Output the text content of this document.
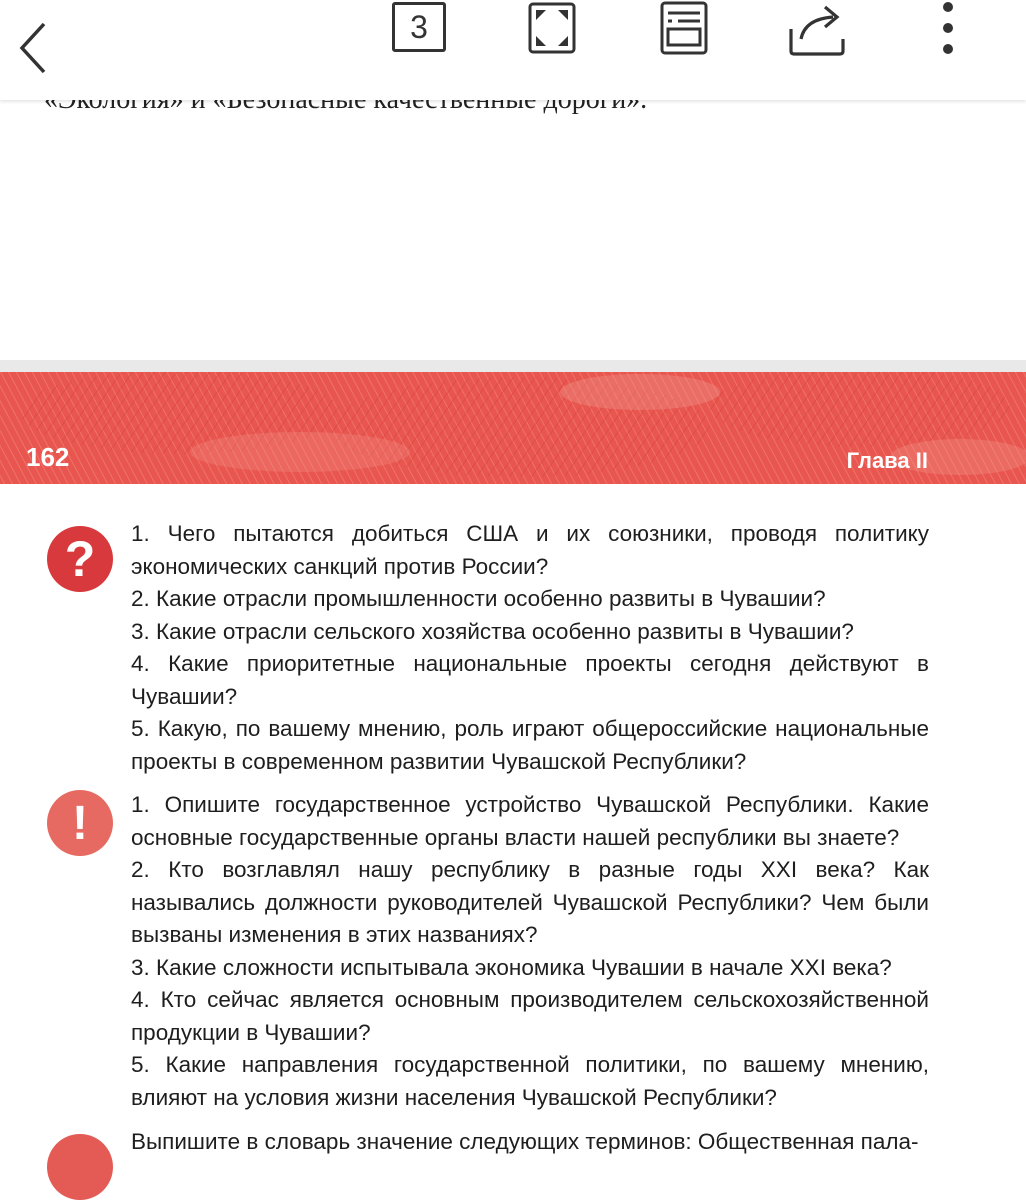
3
162	Глава II
? 1. Чего пытаются добиться США и их союзники, проводя политику экономических санкций против России?
2. Какие отрасли промышленности особенно развиты в Чувашии?
3. Какие отрасли сельского хозяйства особенно развиты в Чувашии?
4. Какие приоритетные национальные проекты сегодня действуют в Чувашии?
5. Какую, по вашему мнению, роль играют общероссийские национальные проекты в современном развитии Чувашской Республики?
! 1. Опишите государственное устройство Чувашской Республики. Какие основные государственные органы власти нашей республики вы знаете?
2. Кто возглавлял нашу республику в разные годы XXI века? Как назывались должности руководителей Чувашской Республики? Чем были вызваны изменения в этих названиях?
3. Какие сложности испытывала экономика Чувашии в начале XXI века?
4. Кто сейчас является основным производителем сельскохозяйственной продукции в Чувашии?
5. Какие направления государственной политики, по вашему мнению, влияют на условия жизни населения Чувашской Республики?
Выпишите в словарь значение следующих терминов: Общественная пала-
